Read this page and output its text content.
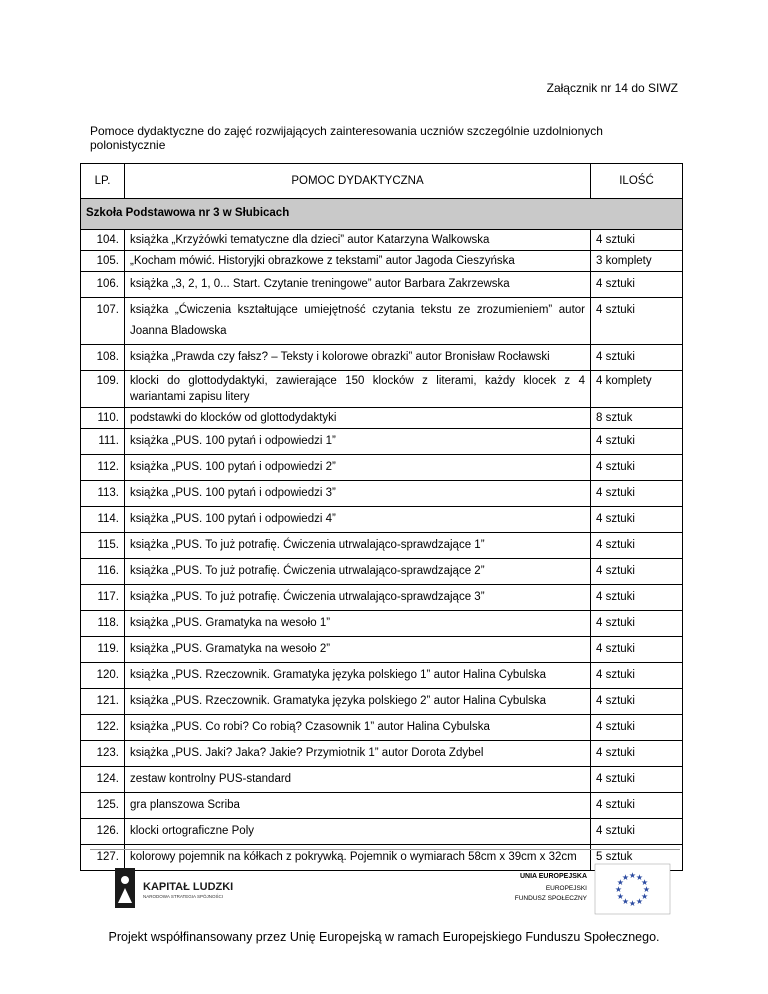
Załącznik nr 14 do SIWZ
Pomoce dydaktyczne do zajęć rozwijających zainteresowania uczniów szczególnie uzdolnionych polonistycznie
LP.	POMOC DYDAKTYCZNA	ILOŚĆ
Szkoła Podstawowa nr 3 w Słubicach		
104.	książka „Krzyżówki tematyczne dla dzieci” autor Katarzyna Walkowska	4 sztuki
105.	„Kocham mówić. Historyjki obrazkowe z tekstami” autor Jagoda Cieszyńska	3 komplety
106.	książka „3, 2, 1, 0... Start. Czytanie treningowe” autor Barbara Zakrzewska	4 sztuki
107.	książka „Ćwiczenia kształtujące umiejętność czytania tekstu ze zrozumieniem” autor Joanna Bladowska	4 sztuki
108.	książka „Prawda czy fałsz? – Teksty i kolorowe obrazki” autor Bronisław Rocławski	4 sztuki
109.	klocki do glottodydaktyki, zawierające 150 klocków z literami, każdy klocek z 4 wariantami zapisu litery	4 komplety
110.	podstawki do klocków od glottodydaktyki	8 sztuk
111.	książka „PUS. 100 pytań i odpowiedzi 1”	4 sztuki
112.	książka „PUS. 100 pytań i odpowiedzi 2”	4 sztuki
113.	książka „PUS. 100 pytań i odpowiedzi 3”	4 sztuki
114.	książka „PUS. 100 pytań i odpowiedzi 4”	4 sztuki
115.	książka „PUS. To już potrafię. Ćwiczenia utrwalająco-sprawdzające 1”	4 sztuki
116.	książka „PUS. To już potrafię. Ćwiczenia utrwalająco-sprawdzające 2”	4 sztuki
117.	książka „PUS. To już potrafię. Ćwiczenia utrwalająco-sprawdzające 3”	4 sztuki
118.	książka „PUS. Gramatyka na wesoło 1”	4 sztuki
119.	książka „PUS. Gramatyka na wesoło 2”	4 sztuki
120.	książka „PUS. Rzeczownik. Gramatyka języka polskiego 1” autor Halina Cybulska	4 sztuki
121.	książka „PUS. Rzeczownik. Gramatyka języka polskiego 2” autor Halina Cybulska	4 sztuki
122.	książka „PUS. Co robi? Co robią? Czasownik 1” autor Halina Cybulska	4 sztuki
123.	książka „PUS. Jaki? Jaka? Jakie? Przymiotnik 1” autor Dorota Zdybel	4 sztuki
124.	zestaw kontrolny PUS-standard	4 sztuki
125.	gra planszowa Scriba	4 sztuki
126.	klocki ortograficzne Poly	4 sztuki
127.	kolorowy pojemnik na kółkach z pokrywką. Pojemnik o wymiarach 58cm x 39cm x 32cm	5 sztuk
KAPITAŁ LUDZKI
NARODOWA STRATEGIA SPÓJNOŚCI
UNIA EUROPEJSKA
EUROPEJSKI
FUNDUSZ SPOŁECZNY
★
★
★
★
★
★
★
★
★ ★ ★
★
Projekt współfinansowany przez Unię Europejską w ramach Europejskiego Funduszu Społecznego.
